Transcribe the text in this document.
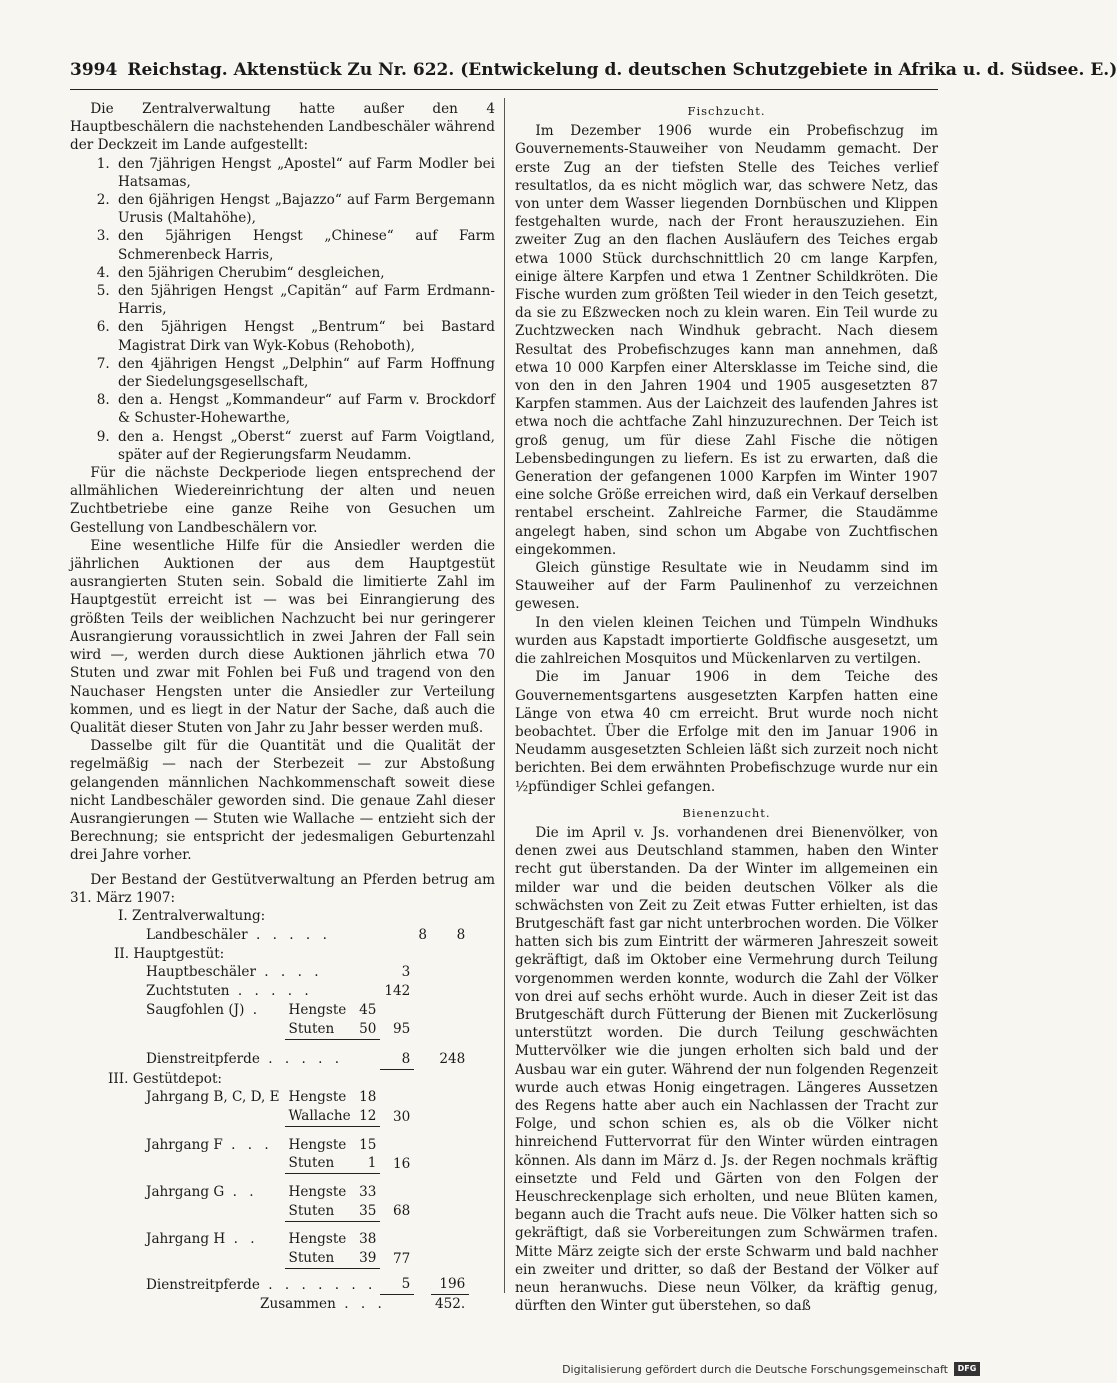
3994 Reichstag. Aktenstück Zu Nr. 622. (Entwickelung d. deutschen Schutzgebiete in Afrika u. d. Südsee. E.)

Die Zentralverwaltung hatte außer den 4 Hauptbeschälern die nachstehenden Landbeschäler während der Deckzeit im Lande aufgestellt:

1. den 7jährigen Hengst „Apostel“ auf Farm Modler bei Hatsamas,
2. den 6jährigen Hengst „Bajazzo“ auf Farm Bergemann Urusis (Maltahöhe),
3. den 5jährigen Hengst „Chinese“ auf Farm Schmerenbeck Harris,
4. den 5jährigen Cherubim“ desgleichen,
5. den 5jährigen Hengst „Capitän“ auf Farm Erdmann-Harris,
6. den 5jährigen Hengst „Bentrum“ bei Bastard Magistrat Dirk van Wyk-Kobus (Rehoboth),
7. den 4jährigen Hengst „Delphin“ auf Farm Hoffnung der Siedelungsgesellschaft,
8. den a. Hengst „Kommandeur“ auf Farm v. Brockdorf & Schuster-Hohewarthe,
9. den a. Hengst „Oberst“ zuerst auf Farm Voigtland, später auf der Regierungsfarm Neudamm.

Für die nächste Deckperiode liegen entsprechend der allmählichen Wiedereinrichtung der alten und neuen Zuchtbetriebe eine ganze Reihe von Gesuchen um Gestellung von Landbeschälern vor.

Eine wesentliche Hilfe für die Ansiedler werden die jährlichen Auktionen der aus dem Hauptgestüt ausrangierten Stuten sein. Sobald die limitierte Zahl im Hauptgestüt erreicht ist — was bei Einrangierung des größten Teils der weiblichen Nachzucht bei nur geringerer Ausrangierung voraussichtlich in zwei Jahren der Fall sein wird —, werden durch diese Auktionen jährlich etwa 70 Stuten und zwar mit Fohlen bei Fuß und tragend von den Nauchaser Hengsten unter die Ansiedler zur Verteilung kommen, und es liegt in der Natur der Sache, daß auch die Qualität dieser Stuten von Jahr zu Jahr besser werden muß.

Dasselbe gilt für die Quantität und die Qualität der regelmäßig — nach der Sterbezeit — zur Abstoßung gelangenden männlichen Nachkommenschaft soweit diese nicht Landbeschäler geworden sind. Die genaue Zahl dieser Ausrangierungen — Stuten wie Wallache — entzieht sich der Berechnung; sie entspricht der jedesmaligen Geburtenzahl drei Jahre vorher.

Der Bestand der Gestütverwaltung an Pferden betrug am 31. März 1907:

I. Zentralverwaltung:					
Landbeschäler . . . . .				8	8
II. Hauptgestüt:					
Hauptbeschäler . . . .			3		
Zuchtstuten . . . . .			142		
Saugfohlen (J) .	Hengste	45			
	Stuten	50	95		
Dienstreitpferde . . . . .			8		248
III. Gestütdepot:					
Jahrgang B, C, D, E	Hengste	18			
	Wallache	12	30		
Jahrgang F . . .	Hengste	15			
	Stuten	1	16		
Jahrgang G . .	Hengste	33			
	Stuten	35	68		
Jahrgang H . .	Hengste	38			
	Stuten	39	77		
Dienstreitpferde . . . . . . .			5		196
Zusammen . . .					452.
Fischzucht.

Im Dezember 1906 wurde ein Probefischzug im Gouvernements-Stauweiher von Neudamm gemacht. Der erste Zug an der tiefsten Stelle des Teiches verlief resultatlos, da es nicht möglich war, das schwere Netz, das von unter dem Wasser liegenden Dornbüschen und Klippen festgehalten wurde, nach der Front herauszuziehen. Ein zweiter Zug an den flachen Ausläufern des Teiches ergab etwa 1000 Stück durchschnittlich 20 cm lange Karpfen, einige ältere Karpfen und etwa 1 Zentner Schildkröten. Die Fische wurden zum größten Teil wieder in den Teich gesetzt, da sie zu Eßzwecken noch zu klein waren. Ein Teil wurde zu Zuchtzwecken nach Windhuk gebracht. Nach diesem Resultat des Probefischzuges kann man annehmen, daß etwa 10 000 Karpfen einer Altersklasse im Teiche sind, die von den in den Jahren 1904 und 1905 ausgesetzten 87 Karpfen stammen. Aus der Laichzeit des laufenden Jahres ist etwa noch die achtfache Zahl hinzuzurechnen. Der Teich ist groß genug, um für diese Zahl Fische die nötigen Lebensbedingungen zu liefern. Es ist zu erwarten, daß die Generation der gefangenen 1000 Karpfen im Winter 1907 eine solche Größe erreichen wird, daß ein Verkauf derselben rentabel erscheint. Zahlreiche Farmer, die Staudämme angelegt haben, sind schon um Abgabe von Zuchtfischen eingekommen.

Gleich günstige Resultate wie in Neudamm sind im Stauweiher auf der Farm Paulinenhof zu verzeichnen gewesen.

In den vielen kleinen Teichen und Tümpeln Windhuks wurden aus Kapstadt importierte Goldfische ausgesetzt, um die zahlreichen Mosquitos und Mückenlarven zu vertilgen.

Die im Januar 1906 in dem Teiche des Gouvernementsgartens ausgesetzten Karpfen hatten eine Länge von etwa 40 cm erreicht. Brut wurde noch nicht beobachtet. Über die Erfolge mit den im Januar 1906 in Neudamm ausgesetzten Schleien läßt sich zurzeit noch nicht berichten. Bei dem erwähnten Probefischzuge wurde nur ein ½pfündiger Schlei gefangen.

Bienenzucht.

Die im April v. Js. vorhandenen drei Bienenvölker, von denen zwei aus Deutschland stammen, haben den Winter recht gut überstanden. Da der Winter im allgemeinen ein milder war und die beiden deutschen Völker als die schwächsten von Zeit zu Zeit etwas Futter erhielten, ist das Brutgeschäft fast gar nicht unterbrochen worden. Die Völker hatten sich bis zum Eintritt der wärmeren Jahreszeit soweit gekräftigt, daß im Oktober eine Vermehrung durch Teilung vorgenommen werden konnte, wodurch die Zahl der Völker von drei auf sechs erhöht wurde. Auch in dieser Zeit ist das Brutgeschäft durch Fütterung der Bienen mit Zuckerlösung unterstützt worden. Die durch Teilung geschwächten Muttervölker wie die jungen erholten sich bald und der Ausbau war ein guter. Während der nun folgenden Regenzeit wurde auch etwas Honig eingetragen. Längeres Aussetzen des Regens hatte aber auch ein Nachlassen der Tracht zur Folge, und schon schien es, als ob die Völker nicht hinreichend Futtervorrat für den Winter würden eintragen können. Als dann im März d. Js. der Regen nochmals kräftig einsetzte und Feld und Gärten von den Folgen der Heuschreckenplage sich erholten, und neue Blüten kamen, begann auch die Tracht aufs neue. Die Völker hatten sich so gekräftigt, daß sie Vorbereitungen zum Schwärmen trafen. Mitte März zeigte sich der erste Schwarm und bald nachher ein zweiter und dritter, so daß der Bestand der Völker auf neun heranwuchs. Diese neun Völker, da kräftig genug, dürften den Winter gut überstehen, so daß

Digitalisierung gefördert durch die Deutsche Forschungsgemeinschaft	DFG
